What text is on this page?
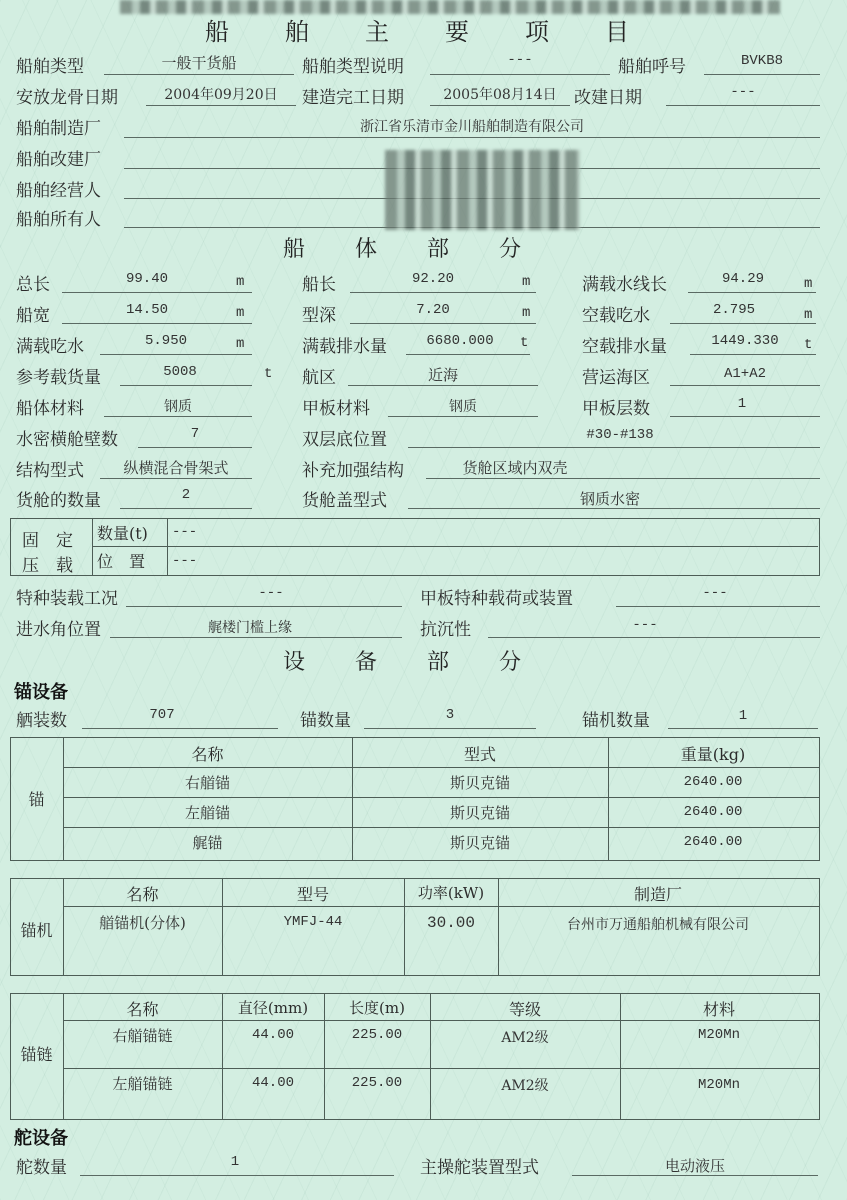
船舶主要项目
船舶类型	一般干货船	船舶类型说明	---	船舶呼号	BVKB8
安放龙骨日期	2004年09月20日	建造完工日期	2005年08月14日	改建日期	---
船舶制造厂	浙江省乐清市金川船舶制造有限公司
船舶改建厂
船舶经营人
船舶所有人
船体部分
总长	99.40	m	船长	92.20	m	满载水线长	94.29	m
船宽	14.50	m	型深	7.20	m	空载吃水	2.795	m
满载吃水	5.950	m	满载排水量	6680.000	t	空载排水量	1449.330	t
参考载货量	5008	t 航区	近海	营运海区	A1+A2
船体材料	钢质	甲板材料	钢质	甲板层数	1
水密横舱壁数	7	双层底位置	#30-#138
结构型式	纵横混合骨架式	补充加强结构	货舱区域内双壳
货舱的数量	2	货舱盖型式	钢质水密
固　定
压　载
数量(t) ---
位　置 ---
特种装载工况	---	甲板特种载荷或装置	---
进水角位置	艉楼门槛上缘	抗沉性	---
设备部分
锚设备
舾装数	707	锚数量	3	锚机数量	1
锚
名称	型式	重量(kg)
右艏锚	斯贝克锚	2640.00
左艏锚	斯贝克锚	2640.00
艉锚	斯贝克锚	2640.00
锚机
名称	型号	功率(kW)	制造厂
艏锚机(分体)	YMFJ-44	30.00	台州市万通船舶机械有限公司
锚链
名称	直径(mm)	长度(m)	等级	材料
右艏锚链	44.00	225.00	AM2级	M20Mn
左艏锚链	44.00	225.00	AM2级	M20Mn
舵设备
舵数量	1	主操舵装置型式	电动液压
